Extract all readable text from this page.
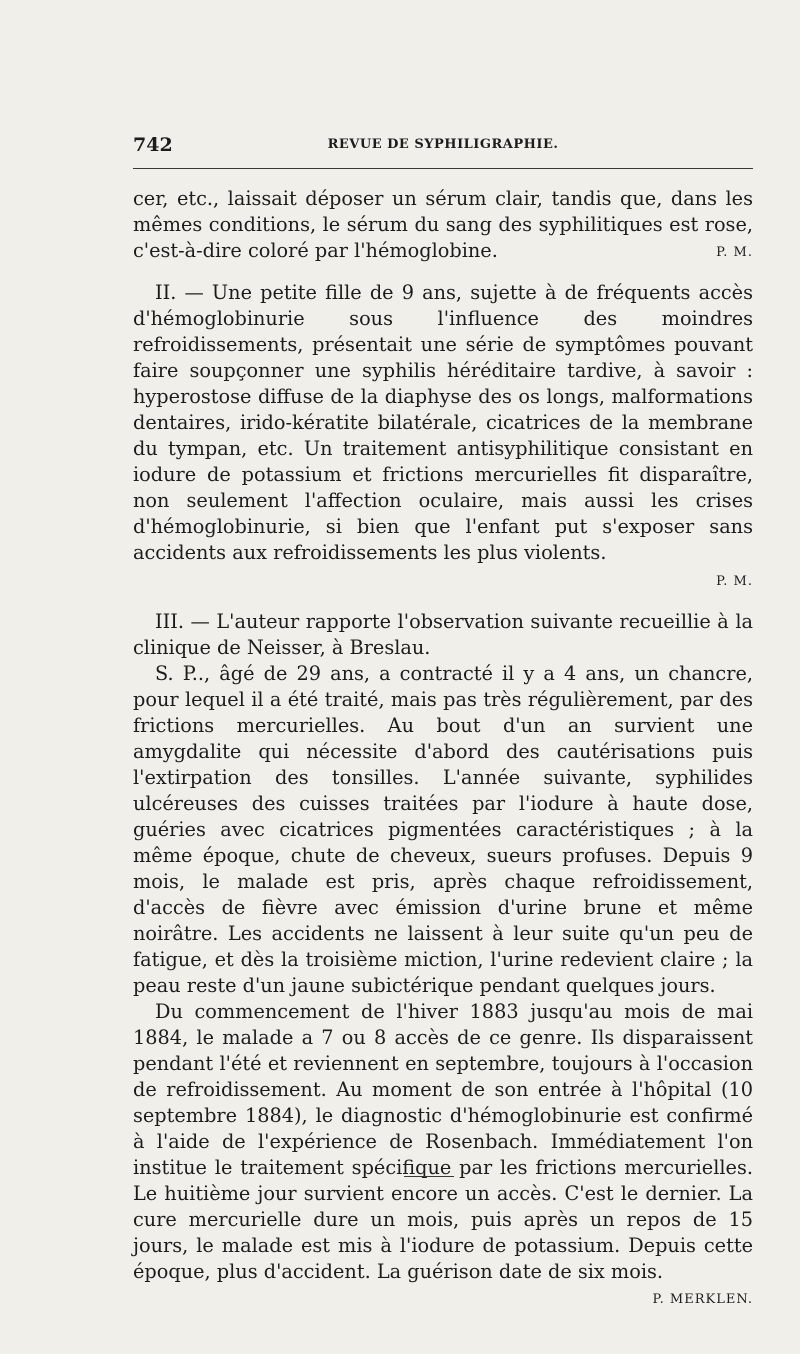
742	REVUE DE SYPHILIGRAPHIE.

cer, etc., laissait déposer un sérum clair, tandis que, dans les mêmes conditions, le sérum du sang des syphilitiques est rose, c'est-à-dire coloré par l'hémoglobine.	P. M.

II. — Une petite fille de 9 ans, sujette à de fréquents accès d'hémoglobinurie sous l'influence des moindres refroidissements, présentait une série de symptômes pouvant faire soupçonner une syphilis héréditaire tardive, à savoir : hyperostose diffuse de la diaphyse des os longs, malformations dentaires, irido-kératite bilatérale, cicatrices de la membrane du tympan, etc. Un traitement antisyphilitique consistant en iodure de potassium et frictions mercurielles fit disparaître, non seulement l'affection oculaire, mais aussi les crises d'hémoglobinurie, si bien que l'enfant put s'exposer sans accidents aux refroidissements les plus violents.

P. M.

III. — L'auteur rapporte l'observation suivante recueillie à la clinique de Neisser, à Breslau.

S. P.., âgé de 29 ans, a contracté il y a 4 ans, un chancre, pour lequel il a été traité, mais pas très régulièrement, par des frictions mercurielles. Au bout d'un an survient une amygdalite qui nécessite d'abord des cautérisations puis l'extirpation des tonsilles. L'année suivante, syphilides ulcéreuses des cuisses traitées par l'iodure à haute dose, guéries avec cicatrices pigmentées caractéristiques ; à la même époque, chute de cheveux, sueurs profuses. Depuis 9 mois, le malade est pris, après chaque refroidissement, d'accès de fièvre avec émission d'urine brune et même noirâtre. Les accidents ne laissent à leur suite qu'un peu de fatigue, et dès la troisième miction, l'urine redevient claire ; la peau reste d'un jaune subictérique pendant quelques jours.

Du commencement de l'hiver 1883 jusqu'au mois de mai 1884, le malade a 7 ou 8 accès de ce genre. Ils disparaissent pendant l'été et reviennent en septembre, toujours à l'occasion de refroidissement. Au moment de son entrée à l'hôpital (10 septembre 1884), le diagnostic d'hémoglobinurie est confirmé à l'aide de l'expérience de Rosenbach. Immédiatement l'on institue le traitement spécifique par les frictions mercurielles. Le huitième jour survient encore un accès. C'est le dernier. La cure mercurielle dure un mois, puis après un repos de 15 jours, le malade est mis à l'iodure de potassium. Depuis cette époque, plus d'accident. La guérison date de six mois.
P. MERKLEN.
